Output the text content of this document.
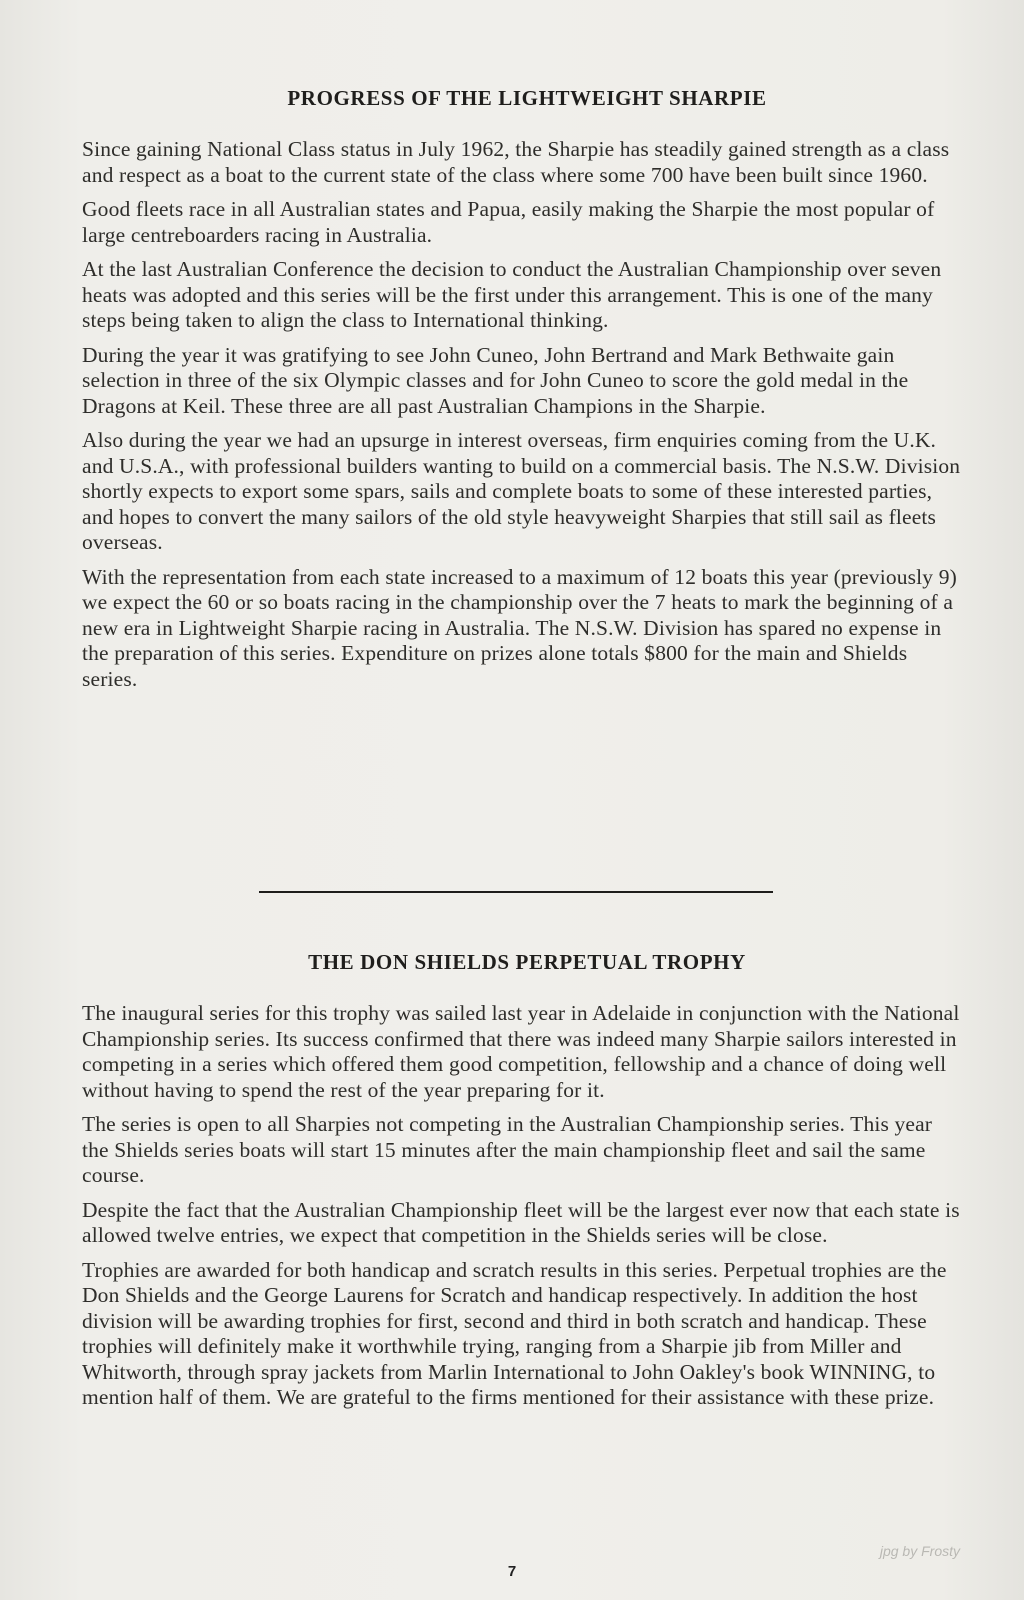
PROGRESS OF THE LIGHTWEIGHT SHARPIE

Since gaining National Class status in July 1962, the Sharpie has steadily gained strength as a class and respect as a boat to the current state of the class where some 700 have been built since 1960.

Good fleets race in all Australian states and Papua, easily making the Sharpie the most popular of large centreboarders racing in Australia.

At the last Australian Conference the decision to conduct the Australian Championship over seven heats was adopted and this series will be the first under this arrangement. This is one of the many steps being taken to align the class to International thinking.

During the year it was gratifying to see John Cuneo, John Bertrand and Mark Bethwaite gain selection in three of the six Olympic classes and for John Cuneo to score the gold medal in the Dragons at Keil. These three are all past Australian Champions in the Sharpie.

Also during the year we had an upsurge in interest overseas, firm enquiries coming from the U.K. and U.S.A., with professional builders wanting to build on a commercial basis. The N.S.W. Division shortly expects to export some spars, sails and complete boats to some of these interested parties, and hopes to convert the many sailors of the old style heavyweight Sharpies that still sail as fleets overseas.

With the representation from each state increased to a maximum of 12 boats this year (previously 9) we expect the 60 or so boats racing in the championship over the 7 heats to mark the beginning of a new era in Lightweight Sharpie racing in Australia. The N.S.W. Division has spared no expense in the preparation of this series. Expenditure on prizes alone totals $800 for the main and Shields series.

THE DON SHIELDS PERPETUAL TROPHY

The inaugural series for this trophy was sailed last year in Adelaide in conjunction with the National Championship series. Its success confirmed that there was indeed many Sharpie sailors interested in competing in a series which offered them good competition, fellowship and a chance of doing well without having to spend the rest of the year preparing for it.

The series is open to all Sharpies not competing in the Australian Championship series. This year the Shields series boats will start 15 minutes after the main championship fleet and sail the same course.

Despite the fact that the Australian Championship fleet will be the largest ever now that each state is allowed twelve entries, we expect that competition in the Shields series will be close.

Trophies are awarded for both handicap and scratch results in this series. Perpetual trophies are the Don Shields and the George Laurens for Scratch and handicap respectively. In addition the host division will be awarding trophies for first, second and third in both scratch and handicap. These trophies will definitely make it worthwhile trying, ranging from a Sharpie jib from Miller and Whitworth, through spray jackets from Marlin International to John Oakley's book WINNING, to mention half of them. We are grateful to the firms mentioned for their assistance with these prize.

7
jpg by Frosty
